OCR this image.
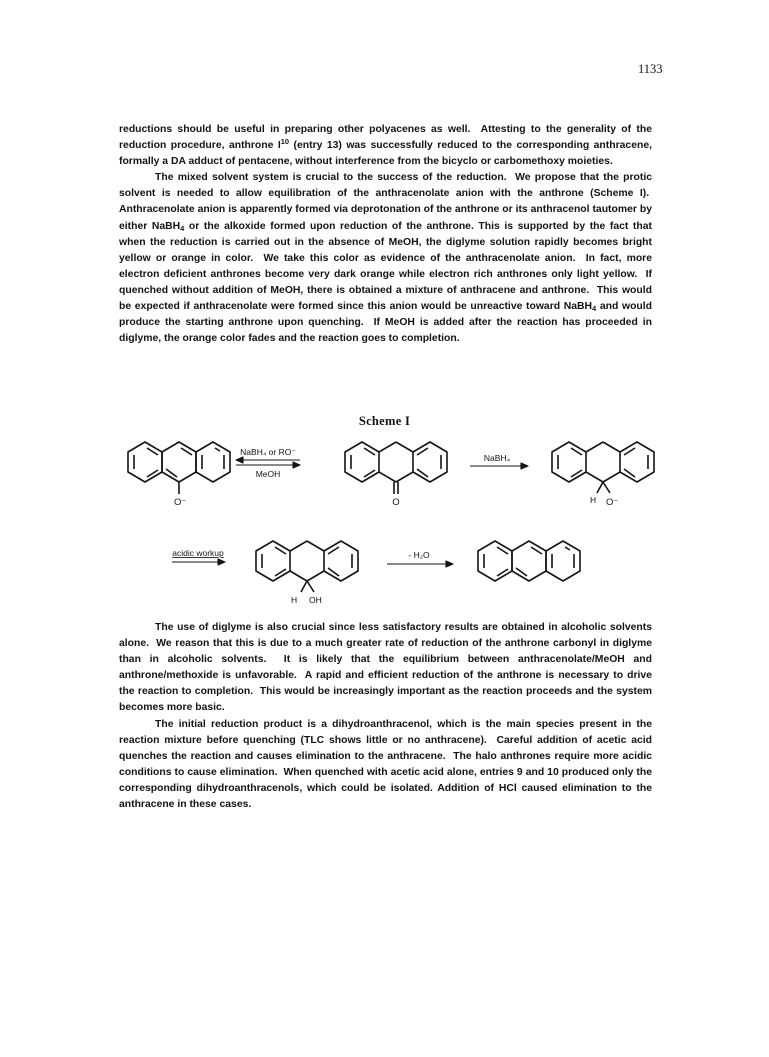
1133

reductions should be useful in preparing other polyacenes as well.  Attesting to the generality of the reduction procedure, anthrone $I^{10}$ (entry 13) was successfully reduced to the corresponding anthracene, formally a DA adduct of pentacene, without interference from the bicyclo or carbomethoxy moieties.

The mixed solvent system is crucial to the success of the reduction.  We propose that the protic solvent is needed to allow equilibration of the anthracenolate anion with the anthrone (Scheme I).  Anthracenolate anion is apparently formed via deprotonation of the anthrone or its anthracenol tautomer by either NaBH$_4$ or the alkoxide formed upon reduction of the anthrone. This is supported by the fact that when the reduction is carried out in the absence of MeOH, the diglyme solution rapidly becomes bright yellow or orange in color.  We take this color as evidence of the anthracenolate anion.  In fact, more electron deficient anthrones become very dark orange while electron rich anthrones only light yellow.  If quenched without addition of MeOH, there is obtained a mixture of anthracene and anthrone.  This would be expected if anthracenolate were formed since this anion would be unreactive toward NaBH$_4$ and would produce the starting anthrone upon quenching.  If MeOH is added after the reaction has proceeded in diglyme, the orange color fades and the reaction goes to completion.

Scheme I
O⁻
NaBH₄ or RO⁻
MeOH
O
NaBH₄
H O⁻
acidic workup
H OH
- H₂O

The use of diglyme is also crucial since less satisfactory results are obtained in alcoholic solvents alone.  We reason that this is due to a much greater rate of reduction of the anthrone carbonyl in diglyme than in alcoholic solvents.  It is likely that the equilibrium between anthracenolate/MeOH and anthrone/methoxide is unfavorable.  A rapid and efficient reduction of the anthrone is necessary to drive the reaction to completion.  This would be increasingly important as the reaction proceeds and the system becomes more basic.

The initial reduction product is a dihydroanthracenol, which is the main species present in the reaction mixture before quenching (TLC shows little or no anthracene).  Careful addition of acetic acid quenches the reaction and causes elimination to the anthracene.  The halo anthrones require more acidic conditions to cause elimination.  When quenched with acetic acid alone, entries 9 and 10 produced only the corresponding dihydroanthracenols, which could be isolated. Addition of HCl caused elimination to the anthracene in these cases.
